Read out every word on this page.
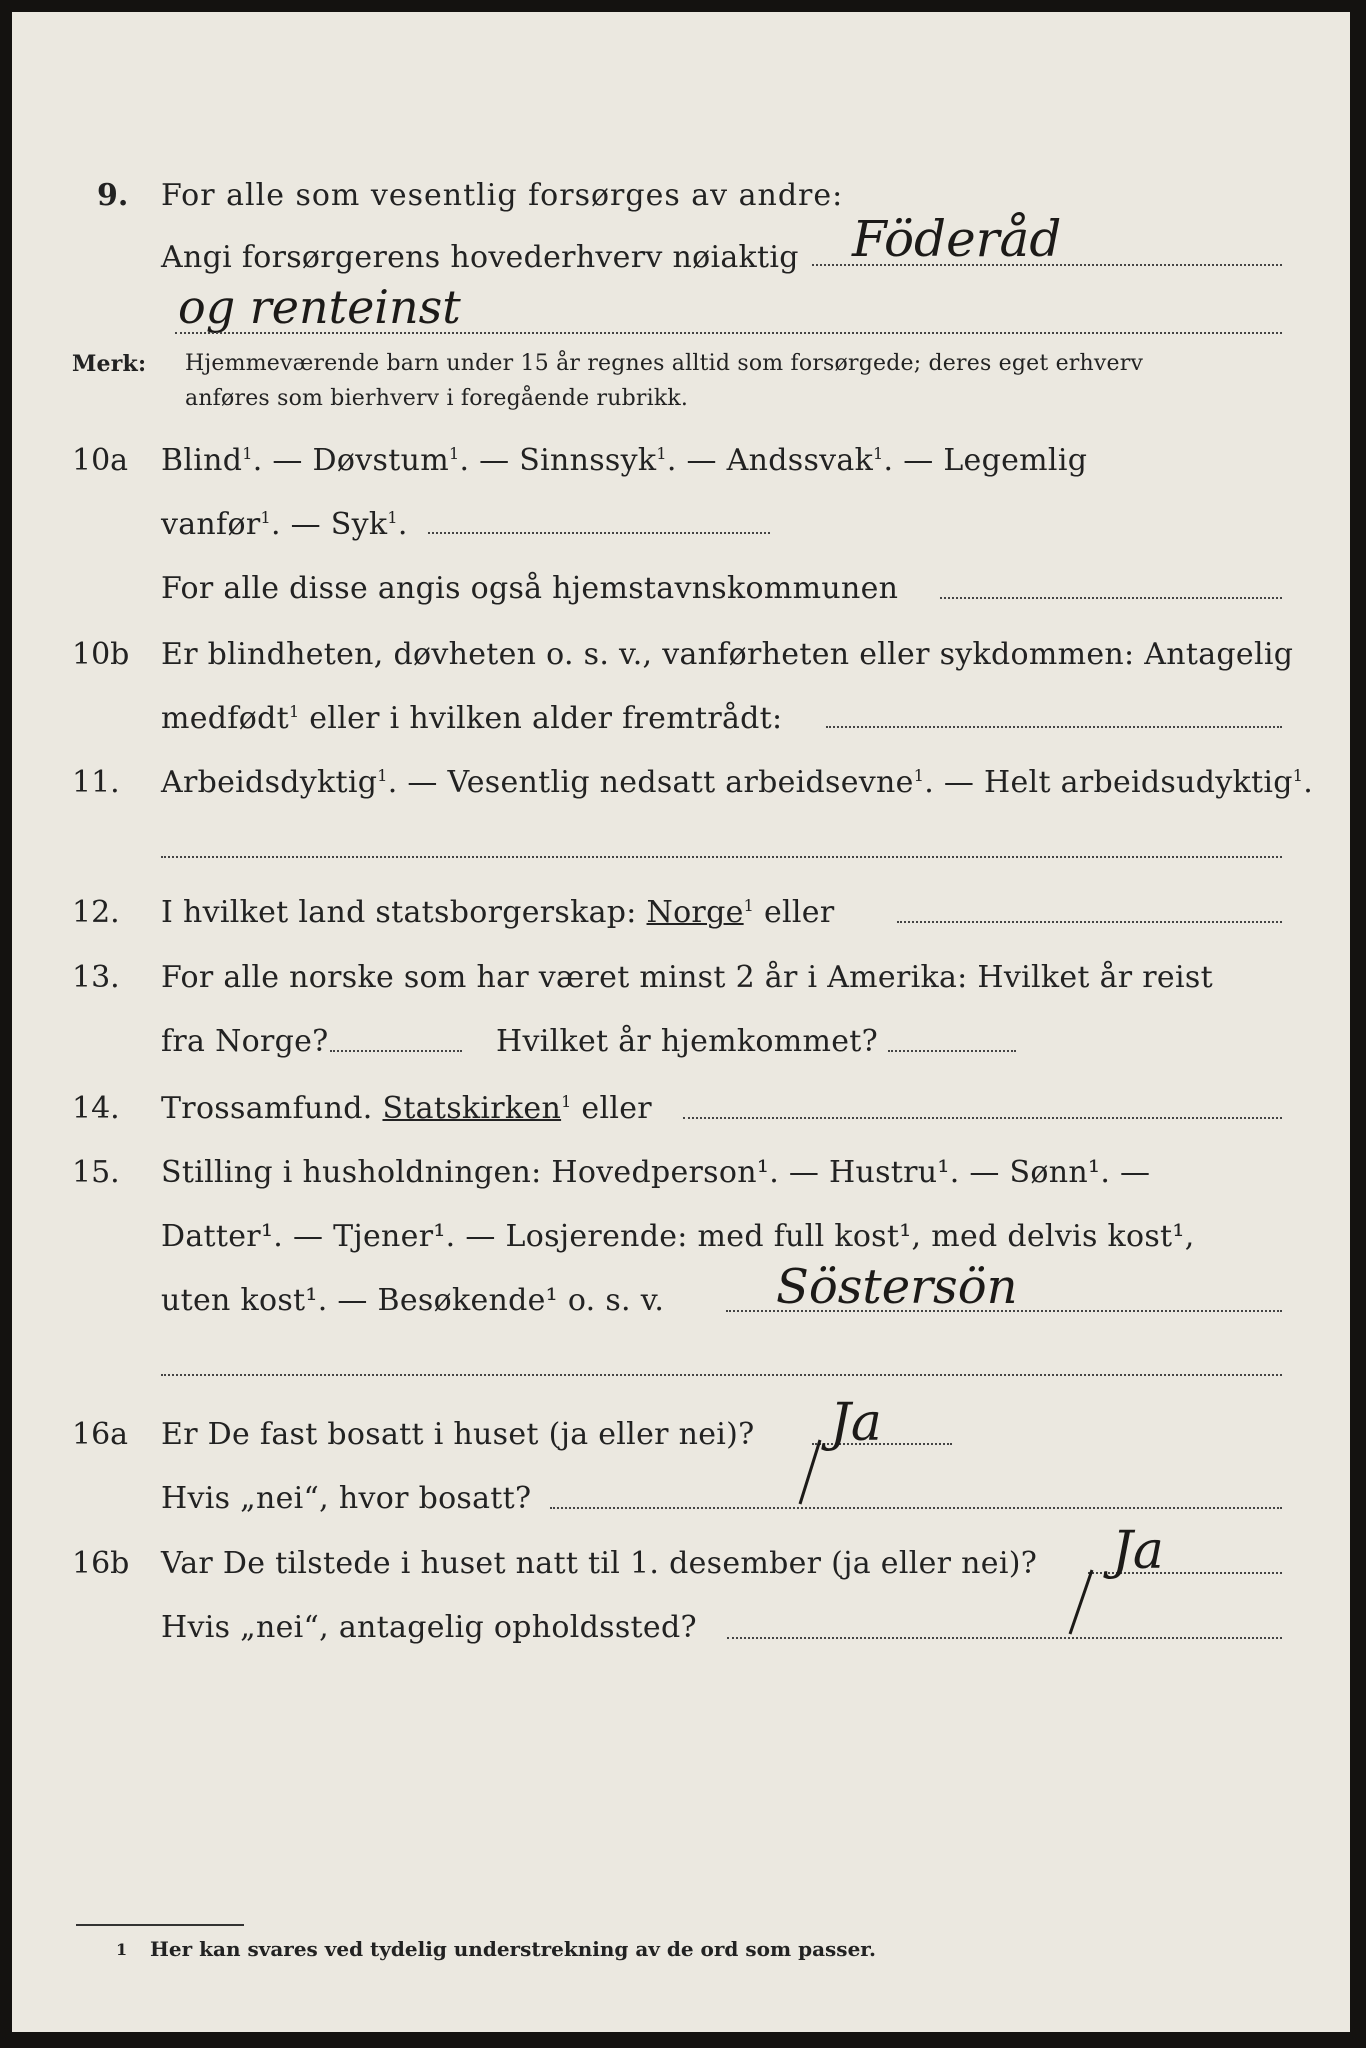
9. For alle som vesentlig forsørges av andre:
Angi forsørgerens hovederhverv nøiaktig Föderåd
og renteinst
Merk: Hjemmeværende barn under 15 år regnes alltid som forsørgede; deres eget erhverv
anføres som bierhverv i foregående rubrikk.
10a Blind$^1$. — Døvstum$^1$. — Sinnssyk$^1$. — Andssvak$^1$. — Legemlig
vanfør$^1$. — Syk$^1$.
For alle disse angis også hjemstavnskommunen
10b Er blindheten, døvheten o. s. v., vanførheten eller sykdommen: Antagelig
medfødt$^1$ eller i hvilken alder fremtrådt:
11. Arbeidsdyktig$^1$. — Vesentlig nedsatt arbeidsevne$^1$. — Helt arbeidsudyktig$^1$.
12. I hvilket land statsborgerskap: Norge$^1$ eller
13. For alle norske som har været minst 2 år i Amerika: Hvilket år reist
fra Norge?	Hvilket år hjemkommet?
14. Trossamfund. Statskirken$^1$ eller
15. Stilling i husholdningen: Hovedperson¹. — Hustru¹. — Sønn¹. —
Datter¹. — Tjener¹. — Losjerende: med full kost¹, med delvis kost¹,
uten kost¹. — Besøkende¹ o. s. v. Söstersön
16a Er De fast bosatt i huset (ja eller nei)? Ja
Hvis „nei“, hvor bosatt?
16b Var De tilstede i huset natt til 1. desember (ja eller nei)? Ja
Hvis „nei“, antagelig opholdssted?
1 Her kan svares ved tydelig understrekning av de ord som passer.
